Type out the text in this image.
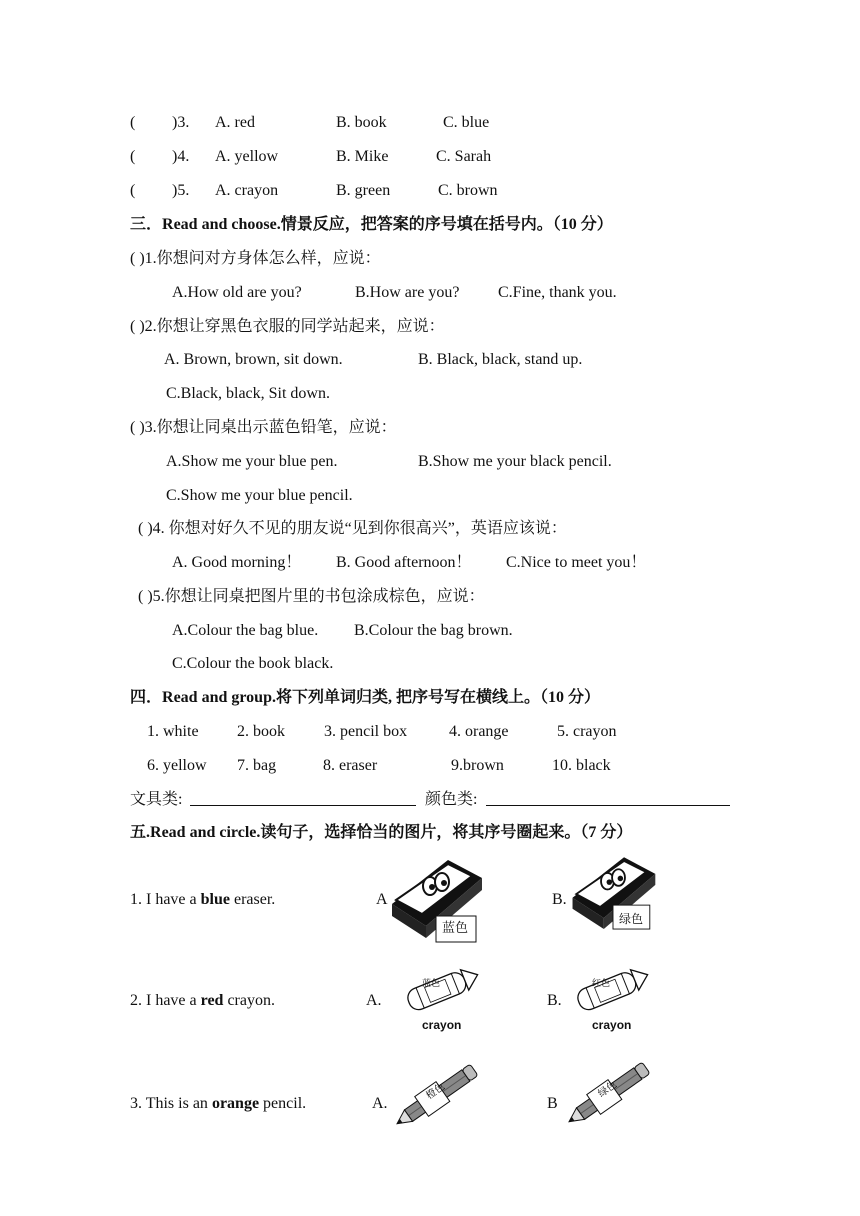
( )3. A. red	B. book	C. blue
( )4. A. yellow	B. Mike	C. Sarah
( )5. A. crayon	B. green	C. brown
三．Read and choose.情景反应，把答案的序号填在括号内。（10 分）
( )1.你想问对方身体怎么样，应说：
A.How old are you?	B.How are you? C.Fine, thank you.
( )2.你想让穿黑色衣服的同学站起来，应说：
A. Brown, brown, sit down.	B. Black, black, stand up.
C.Black, black, Sit down.
( )3.你想让同桌出示蓝色铅笔，应说：
A.Show me your blue pen.	B.Show me your black pencil.
C.Show me your blue pencil.
( )4. 你想对好久不见的朋友说“见到你很高兴”，英语应该说：
A. Good morning！ B. Good afternoon！ C.Nice to meet you！
( )5.你想让同桌把图片里的书包涂成棕色，应说：
A.Colour the bag blue. B.Colour the bag brown.
C.Colour the book black.
四．Read and group.将下列单词归类, 把序号写在横线上。（10 分）
1. white 2. book 3. pencil box	4. orange	5. crayon
6. yellow 7. bag	8. eraser	9.brown	10. black
文具类:	颜色类:
五.Read and circle.读句子，选择恰当的图片，将其序号圈起来。（7 分）
1. I have a blue eraser.	A	B.
蓝色
绿色
2. I have a red crayon.	A.	B.
蓝色
crayon
红色
crayon
3. This is an orange pencil.	A.	B
橙色	绿色
